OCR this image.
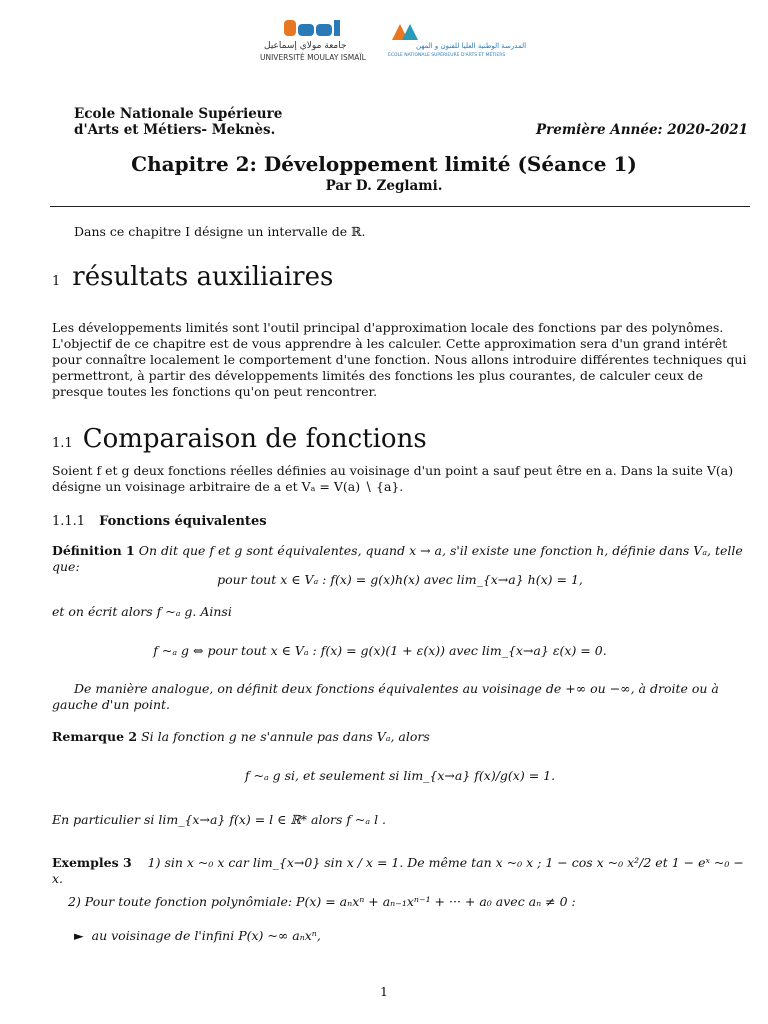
جامعة مولاي إسماعيل
UNIVERSITÉ MOULAY ISMAÏL
المدرسة الوطنية العليا للفنون و المهن
ÉCOLE NATIONALE SUPÉRIEURE D'ARTS ET MÉTIERS
Ecole Nationale Supérieure
d'Arts et Métiers- Meknès.	Première Année: 2020-2021
Chapitre 2: Développement limité (Séance 1)
Par D. Zeglami.
Dans ce chapitre I désigne un intervalle de ℝ.
1 résultats auxiliaires
Les développements limités sont l'outil principal d'approximation locale des fonctions par des polynômes. L'objectif de ce chapitre est de vous apprendre à les calculer. Cette approximation sera d'un grand intérêt pour connaître localement le comportement d'une fonction. Nous allons introduire différentes techniques qui permettront, à partir des développements limités des fonctions les plus courantes, de calculer ceux de presque toutes les fonctions qu'on peut rencontrer.
1.1 Comparaison de fonctions
Soient f et g deux fonctions réelles définies au voisinage d'un point a sauf peut être en a. Dans la suite V(a) désigne un voisinage arbitraire de a et Vₐ = V(a) ∖ {a}.
1.1.1 Fonctions équivalentes
Définition 1 On dit que f et g sont équivalentes, quand x → a, s'il existe une fonction h, définie dans Vₐ, telle que:
pour tout x ∈ Vₐ : f(x) = g(x)h(x) avec lim_{x→a} h(x) = 1,
et on écrit alors f ~ₐ g. Ainsi
f ~ₐ g ⇔ pour tout x ∈ Vₐ : f(x) = g(x)(1 + ε(x)) avec lim_{x→a} ε(x) = 0.
De manière analogue, on définit deux fonctions équivalentes au voisinage de +∞ ou −∞, à droite ou à gauche d'un point.
Remarque 2 Si la fonction g ne s'annule pas dans Vₐ, alors
f ~ₐ g si, et seulement si lim_{x→a} f(x)/g(x) = 1.
En particulier si lim_{x→a} f(x) = l ∈ ℝ* alors f ~ₐ l .
Exemples 3 1) sin x ~₀ x car lim_{x→0} sin x / x = 1. De même tan x ~₀ x ; 1 − cos x ~₀ x²/2 et 1 − eˣ ~₀ − x.
2) Pour toute fonction polynômiale: P(x) = aₙxⁿ + aₙ₋₁xⁿ⁻¹ + ··· + a₀ avec aₙ ≠ 0 :
► au voisinage de l'infini P(x) ~∞ aₙxⁿ,
1
